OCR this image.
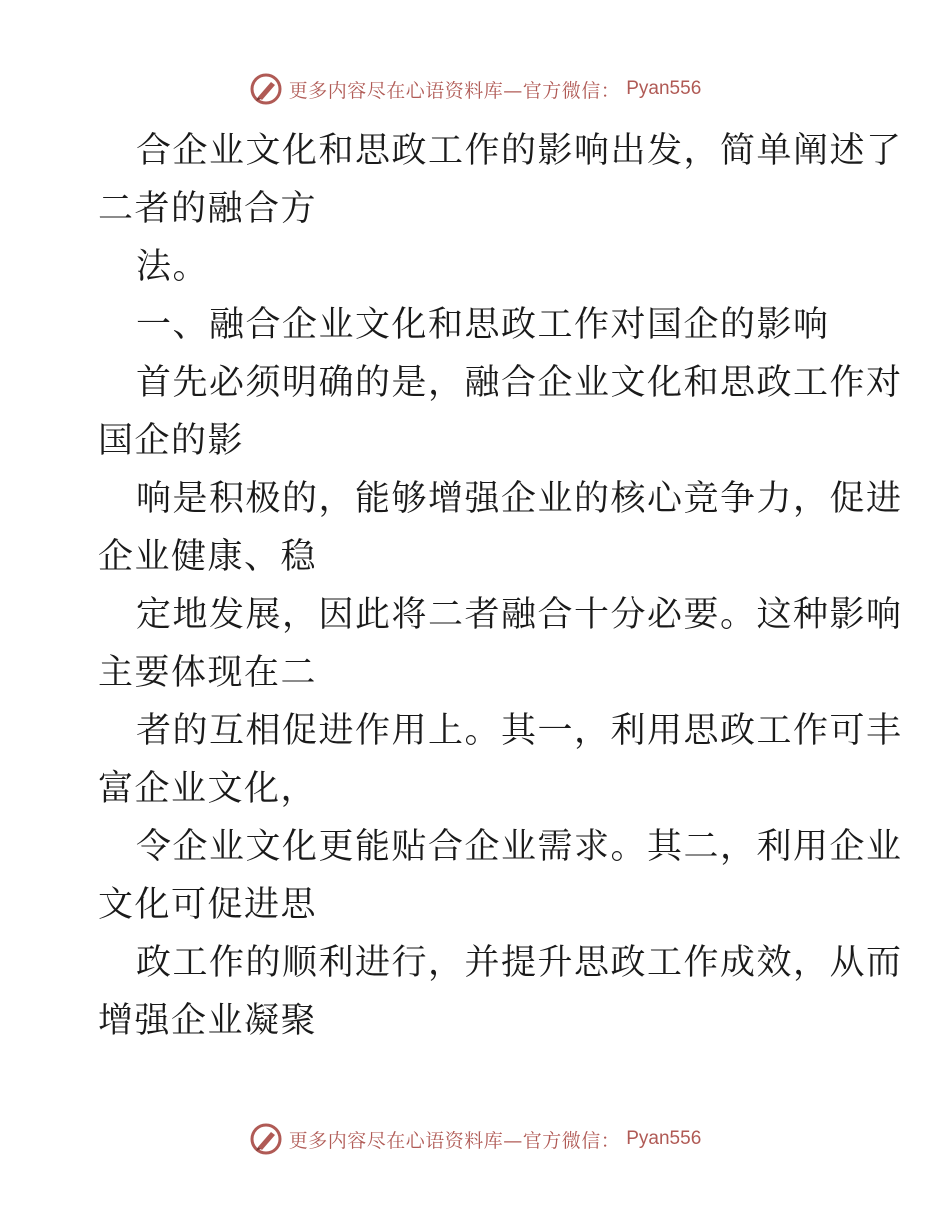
更多内容尽在心语资料库—官方微信： Pyan556
合企业文化和思政工作的影响出发，简单阐述了
二者的融合方
法。
一、融合企业文化和思政工作对国企的影响
首先必须明确的是，融合企业文化和思政工作对
国企的影
响是积极的，能够增强企业的核心竞争力，促进
企业健康、稳
定地发展，因此将二者融合十分必要。这种影响
主要体现在二
者的互相促进作用上。其一，利用思政工作可丰
富企业文化，
令企业文化更能贴合企业需求。其二，利用企业
文化可促进思
政工作的顺利进行，并提升思政工作成效，从而
增强企业凝聚
更多内容尽在心语资料库—官方微信： Pyan556
